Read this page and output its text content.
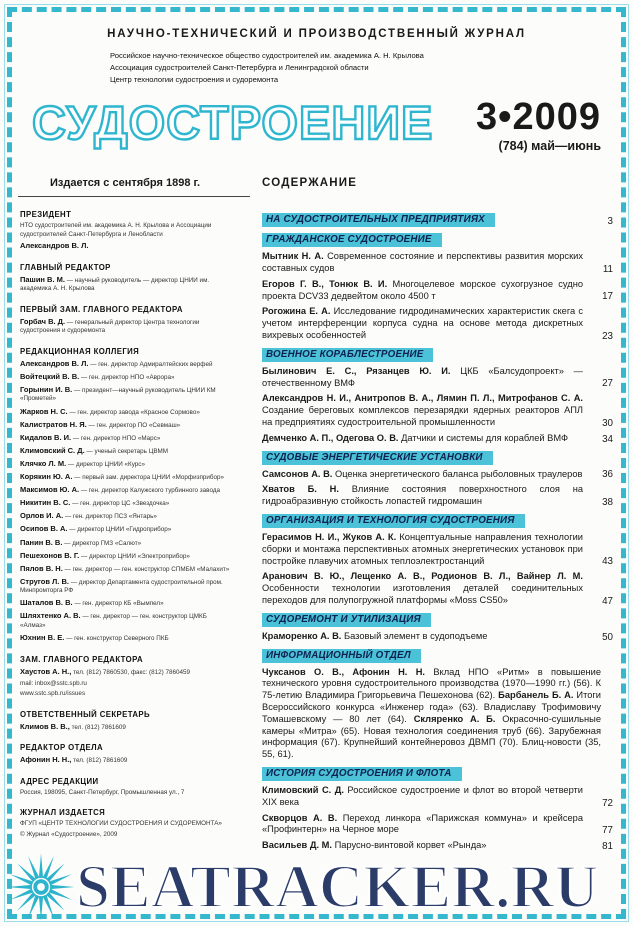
НАУЧНО-ТЕХНИЧЕСКИЙ И ПРОИЗВОДСТВЕННЫЙ ЖУРНАЛ
Российское научно-техническое общество судостроителей им. академика А. Н. Крылова
Ассоциация судостроителей Санкт-Петербурга и Ленинградской области
Центр технологии судостроения и судоремонта
СУДОСТРОЕНИЕ 3•2009
(784) май—июнь
Издается с сентября 1898 г.	СОДЕРЖАНИЕ
ПРЕЗИДЕНТ
НТО судостроителей им. академика А. Н. Крылова и Ассоциации судостроителей Санкт-Петербурга и Ленобласти
Александров В. Л.
ГЛАВНЫЙ РЕДАКТОР
Пашин В. М. — научный руководитель — директор ЦНИИ им. академика А. Н. Крылова
ПЕРВЫЙ ЗАМ. ГЛАВНОГО РЕДАКТОРА
Горбач В. Д. — генеральный директор Центра технологии судостроения и судоремонта
РЕДАКЦИОННАЯ КОЛЛЕГИЯ
Александров В. Л. — ген. директор Адмиралтейских верфей
Войтецкий В. В. — ген. директор НПО «Аврора»
Горынин И. В. — президент—научный руководитель ЦНИИ КМ «Прометей»
Жарков Н. С. — ген. директор завода «Красное Сормово»
Калистратов Н. Я. — ген. директор ПО «Севмаш»
Кидалов В. И. — ген. директор НПО «Марс»
Климовский С. Д. — ученый секретарь ЦВММ
Клячко Л. М. — директор ЦНИИ «Курс»
Корякин Ю. А. — первый зам. директора ЦНИИ «Морфизприбор»
Максимов Ю. А. — ген. директор Калужского турбинного завода
Никитин В. С. — ген. директор ЦС «Звездочка»
Орлов И. А. — ген. директор ПСЗ «Янтарь»
Осипов В. А. — директор ЦНИИ «Гидроприбор»
Панин В. В. — директор ГМЗ «Салют»
Пешехонов В. Г. — директор ЦНИИ «Электроприбор»
Пялов В. Н. — ген. директор — ген. конструктор СПМБМ «Малахит»
Стругов Л. В. — директор Департамента судостроительной пром. Минпромторга РФ
Шаталов В. В. — ген. директор КБ «Вымпел»
Шляхтенко А. В. — ген. директор — ген. конструктор ЦМКБ «Алмаз»
Юхнин В. Е. — ген. конструктор Северного ПКБ
ЗАМ. ГЛАВНОГО РЕДАКТОРА
Хаустов А. Н., тел. (812) 7860530, факс: (812) 7860459
mail: inbox@sstc.spb.ru
www.sstc.spb.ru/issues
ОТВЕТСТВЕННЫЙ СЕКРЕТАРЬ
Климов В. В., тел. (812) 7861609
РЕДАКТОР ОТДЕЛА
Афонин Н. Н., тел. (812) 7861609
АДРЕС РЕДАКЦИИ
Россия, 198095, Санкт-Петербург, Промышленная ул., 7
ЖУРНАЛ ИЗДАЕТСЯ
ФГУП «ЦЕНТР ТЕХНОЛОГИИ СУДОСТРОЕНИЯ И СУДОРЕМОНТА»
© Журнал «Судостроение», 2009
НА СУДОСТРОИТЕЛЬНЫХ ПРЕДПРИЯТИЯХ	3
ГРАЖДАНСКОЕ СУДОСТРОЕНИЕ
Мытник Н. А. Современное состояние и перспективы развития морских составных судов	11
Егоров Г. В., Тонюк В. И. Многоцелевое морское сухогрузное судно проекта DCV33 дедвейтом около 4500 т	17
Рогожина Е. А. Исследование гидродинамических характеристик скега с учетом интерференции корпуса судна на основе метода дискретных вихревых особенностей	23
ВОЕННОЕ КОРАБЛЕСТРОЕНИЕ
Былинович Е. С., Рязанцев Ю. И. ЦКБ «Балсудопроект» — отечественному ВМФ	27
Александров Н. И., Анитропов В. А., Лямин П. Л., Митрофанов С. А. Создание береговых комплексов перезарядки ядерных реакторов АПЛ на предприятиях судостроительной промышленности	30
Демченко А. П., Одегова О. В. Датчики и системы для кораблей ВМФ	34
СУДОВЫЕ ЭНЕРГЕТИЧЕСКИЕ УСТАНОВКИ
Самсонов А. В. Оценка энергетического баланса рыболовных траулеров	36
Хватов Б. Н. Влияние состояния поверхностного слоя на гидроабразивную стойкость лопастей гидромашин	38
ОРГАНИЗАЦИЯ И ТЕХНОЛОГИЯ СУДОСТРОЕНИЯ
Герасимов Н. И., Жуков А. К. Концептуальные направления технологии сборки и монтажа перспективных атомных энергетических установок при постройке плавучих атомных теплоэлектростанций	43
Аранович В. Ю., Лещенко А. В., Родионов В. Л., Вайнер Л. М. Особенности технологии изготовления деталей соединительных переходов для полупогружной платформы «Moss CS50»	47
СУДОРЕМОНТ И УТИЛИЗАЦИЯ
Краморенко А. В. Базовый элемент в судоподъеме	50
ИНФОРМАЦИОННЫЙ ОТДЕЛ
Чуксанов О. В., Афонин Н. Н. Вклад НПО «Ритм» в повышение технического уровня судостроительного производства (1970—1990 гг.) (56). К 75-летию Владимира Григорьевича Пешехонова (62). Барбанель Б. А. Итоги Всероссийского конкурса «Инженер года» (63). Владиславу Трофимовичу Томашевскому — 80 лет (64). Скляренко А. Б. Окрасочно-сушильные камеры «Митра» (65). Новая технология соединения труб (66). Зарубежная информация (67). Крупнейший контейнеровоз ДВМП (70). Блиц-новости (35, 55, 61).
ИСТОРИЯ СУДОСТРОЕНИЯ И ФЛОТА
Климовский С. Д. Российское судостроение и флот во второй четверти XIX века	72
Скворцов А. В. Переход линкора «Парижская коммуна» и крейсера «Профинтерн» на Черное море	77
Васильев Д. М. Парусно-винтовой корвет «Рында»	81
SEATRACKER.RU
